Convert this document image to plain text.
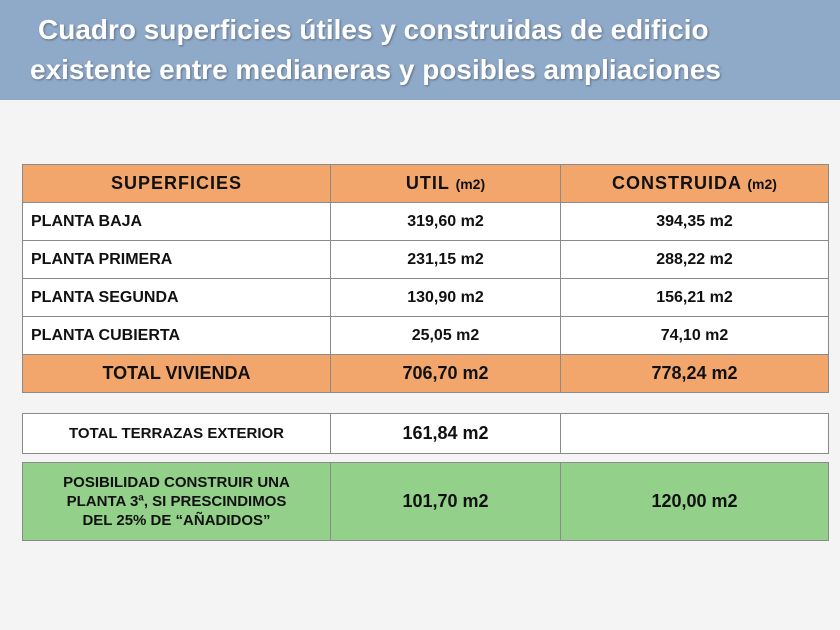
Cuadro superficies útiles y construidas de edificio
existente entre medianeras y posibles ampliaciones
SUPERFICIES	UTIL (m2)	CONSTRUIDA (m2)
PLANTA BAJA	319,60 m2	394,35 m2
PLANTA PRIMERA	231,15 m2	288,22 m2
PLANTA SEGUNDA	130,90 m2	156,21 m2
PLANTA CUBIERTA	25,05 m2	74,10 m2
TOTAL VIVIENDA	706,70 m2	778,24 m2
TOTAL TERRAZAS EXTERIOR	161,84 m2	
POSIBILIDAD CONSTRUIR UNA
PLANTA 3ª, SI PRESCINDIMOS
DEL 25% DE “AÑADIDOS”
	101,70 m2	120,00 m2
